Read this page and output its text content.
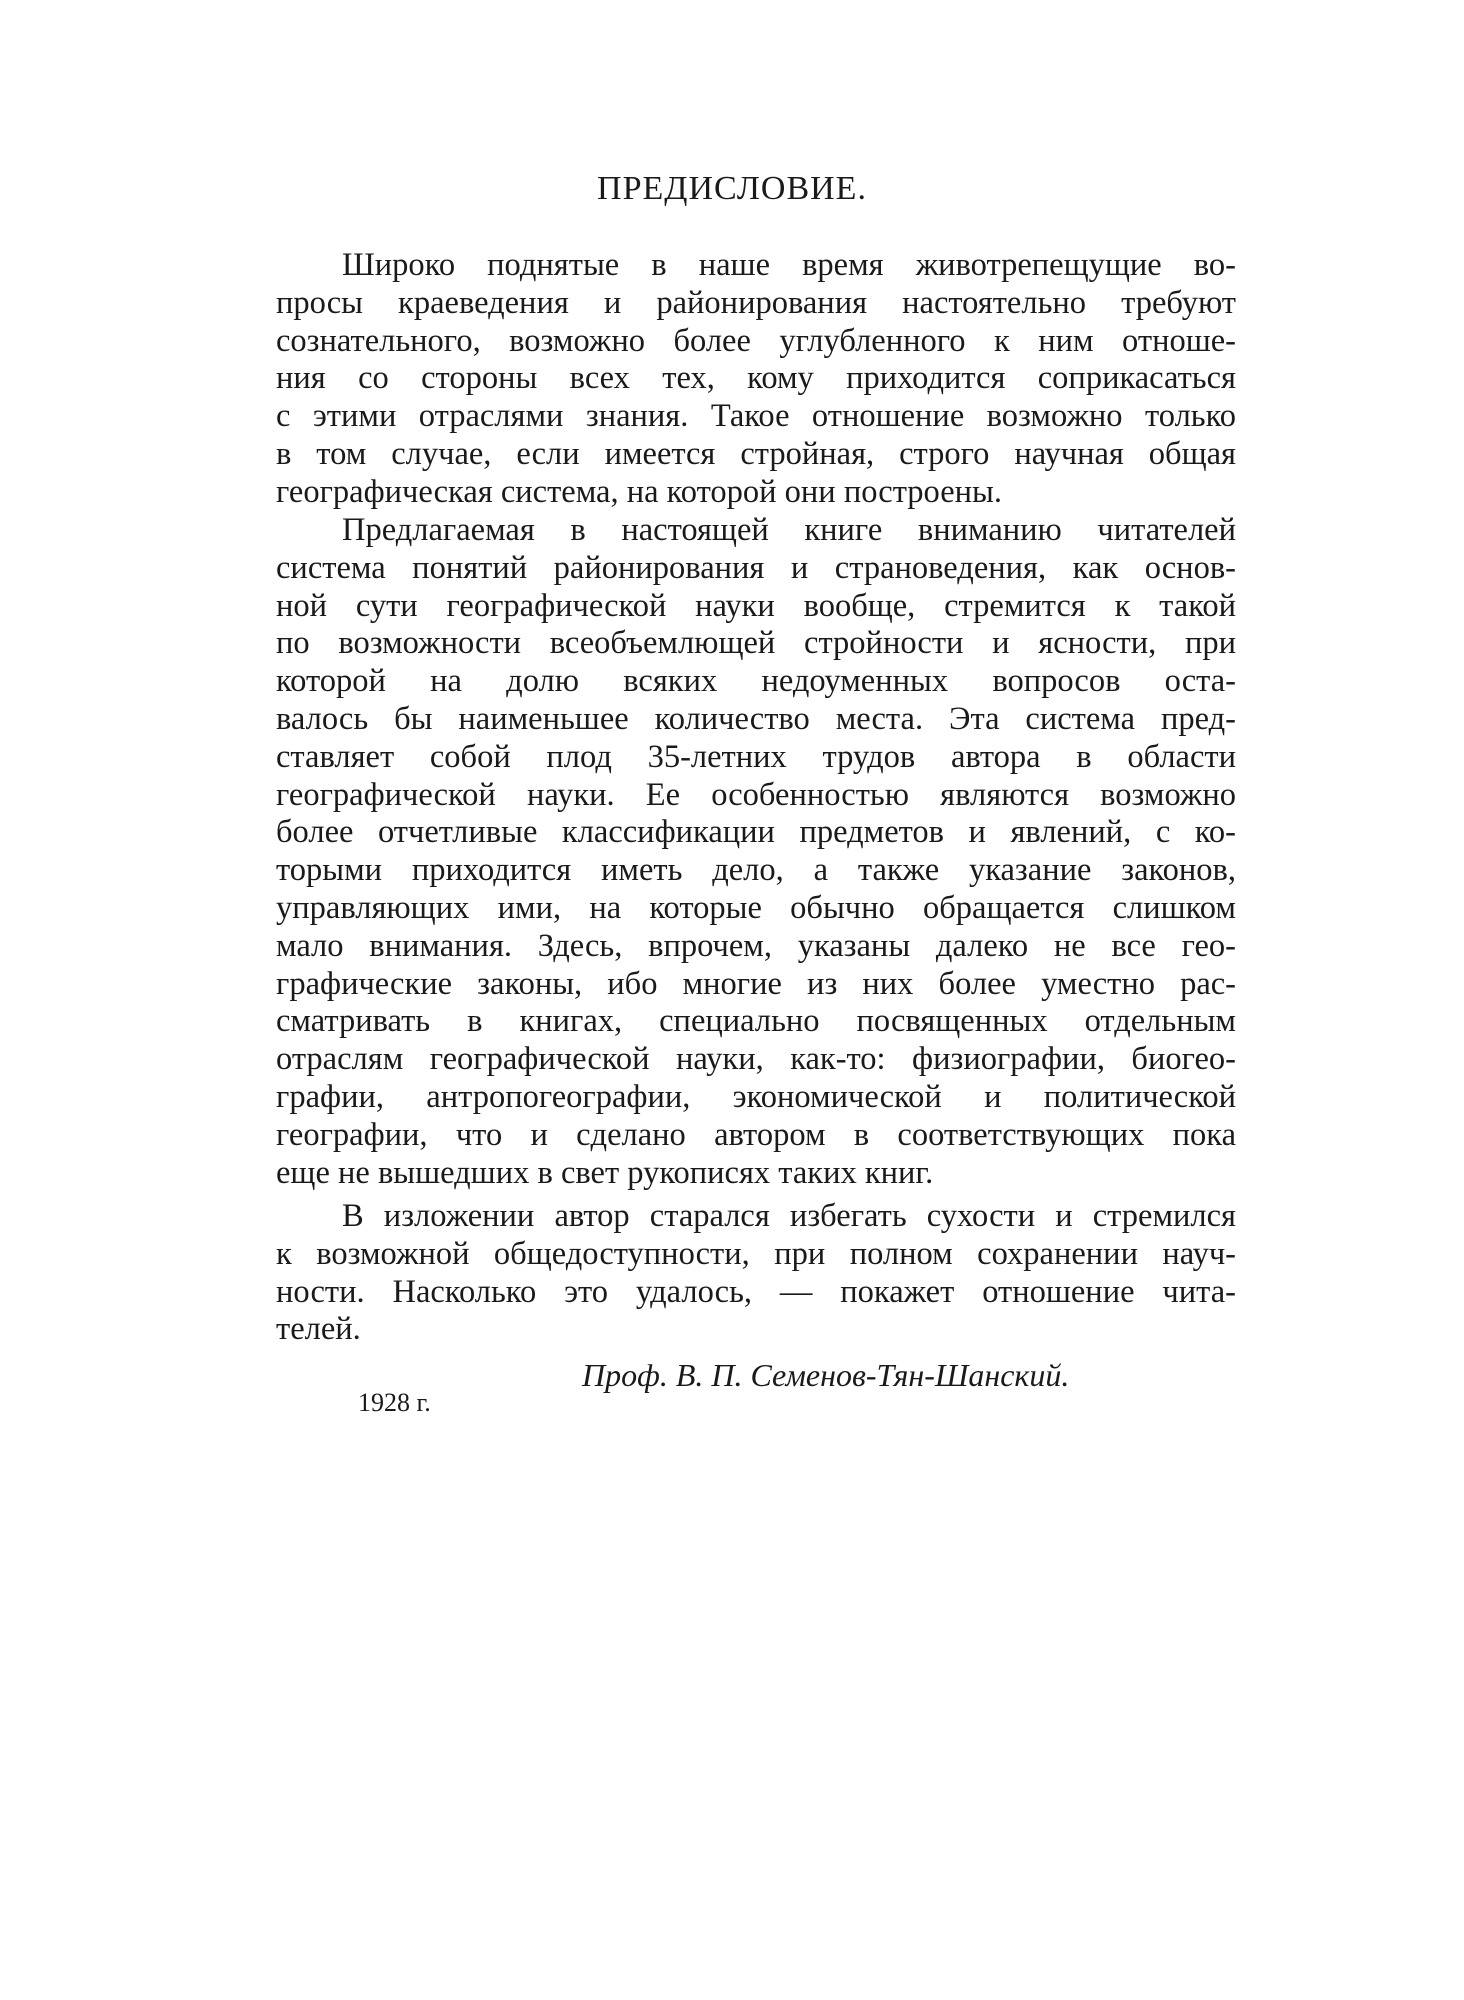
ПРЕДИСЛОВИЕ.
Широко поднятые в наше время животрепещущие во-
просы краеведения и районирования настоятельно требуют
сознательного, возможно более углубленного к ним отноше-
ния со стороны всех тех, кому приходится соприкасаться
с этими отраслями знания. Такое отношение возможно только
в том случае, если имеется стройная, строго научная общая
географическая система, на которой они построены.
Предлагаемая в настоящей книге вниманию читателей
система понятий районирования и страноведения, как основ-
ной сути географической науки вообще, стремится к такой
по возможности всеобъемлющей стройности и ясности, при
которой на долю всяких недоуменных вопросов оста-
валось бы наименьшее количество места. Эта система пред-
ставляет собой плод 35-летних трудов автора в области
географической науки. Ее особенностью являются возможно
более отчетливые классификации предметов и явлений, с ко-
торыми приходится иметь дело, а также указание законов,
управляющих ими, на которые обычно обращается слишком
мало внимания. Здесь, впрочем, указаны далеко не все гео-
графические законы, ибо многие из них более уместно рас-
сматривать в книгах, специально посвященных отдельным
отраслям географической науки, как-то: физиографии, биогео-
графии, антропогеографии, экономической и политической
географии, что и сделано автором в соответствующих пока
еще не вышедших в свет рукописях таких книг.
В изложении автор старался избегать сухости и стремился
к возможной общедоступности, при полном сохранении науч-
ности. Насколько это удалось, — покажет отношение чита-
телей.
Проф. В. П. Семенов-Тян-Шанский.
1928 г.
